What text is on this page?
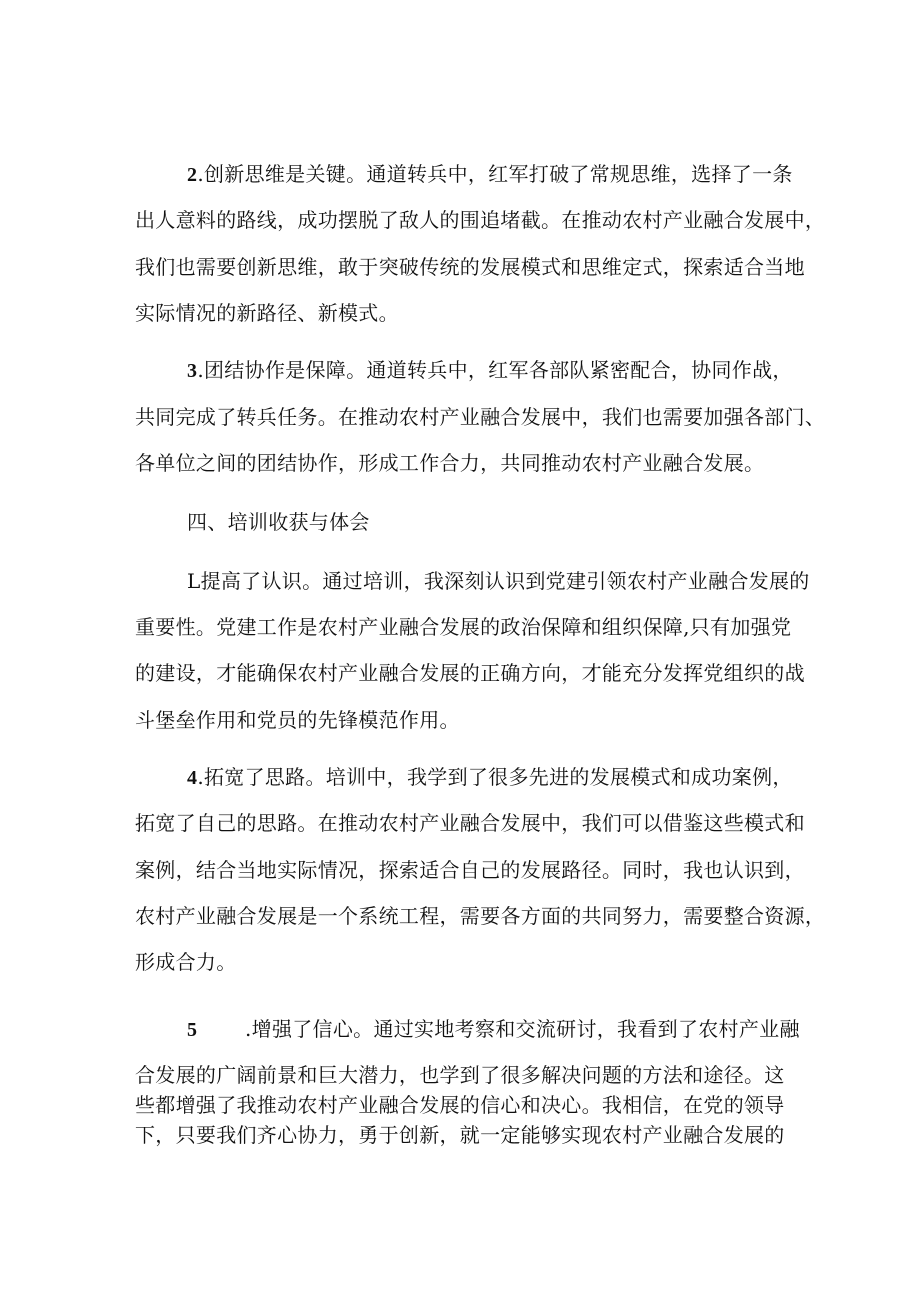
2.创新思维是关键。通道转兵中，红军打破了常规思维，选择了一条
出人意料的路线，成功摆脱了敌人的围追堵截。在推动农村产业融合发展中，
我们也需要创新思维，敢于突破传统的发展模式和思维定式，探索适合当地
实际情况的新路径、新模式。
3.团结协作是保障。通道转兵中，红军各部队紧密配合，协同作战，
共同完成了转兵任务。在推动农村产业融合发展中，我们也需要加强各部门、
各单位之间的团结协作，形成工作合力，共同推动农村产业融合发展。
四、培训收获与体会
L提高了认识。通过培训，我深刻认识到党建引领农村产业融合发展的
重要性。党建工作是农村产业融合发展的政治保障和组织保障,只有加强党
的建设，才能确保农村产业融合发展的正确方向，才能充分发挥党组织的战
斗堡垒作用和党员的先锋模范作用。
4.拓宽了思路。培训中，我学到了很多先进的发展模式和成功案例，
拓宽了自己的思路。在推动农村产业融合发展中，我们可以借鉴这些模式和
案例，结合当地实际情况，探索适合自己的发展路径。同时，我也认识到，
农村产业融合发展是一个系统工程，需要各方面的共同努力，需要整合资源，
形成合力。
5 .增强了信心。通过实地考察和交流研讨，我看到了农村产业融
合发展的广阔前景和巨大潜力，也学到了很多解决问题的方法和途径。这
些都增强了我推动农村产业融合发展的信心和决心。我相信，在党的领导
下，只要我们齐心协力，勇于创新，就一定能够实现农村产业融合发展的
